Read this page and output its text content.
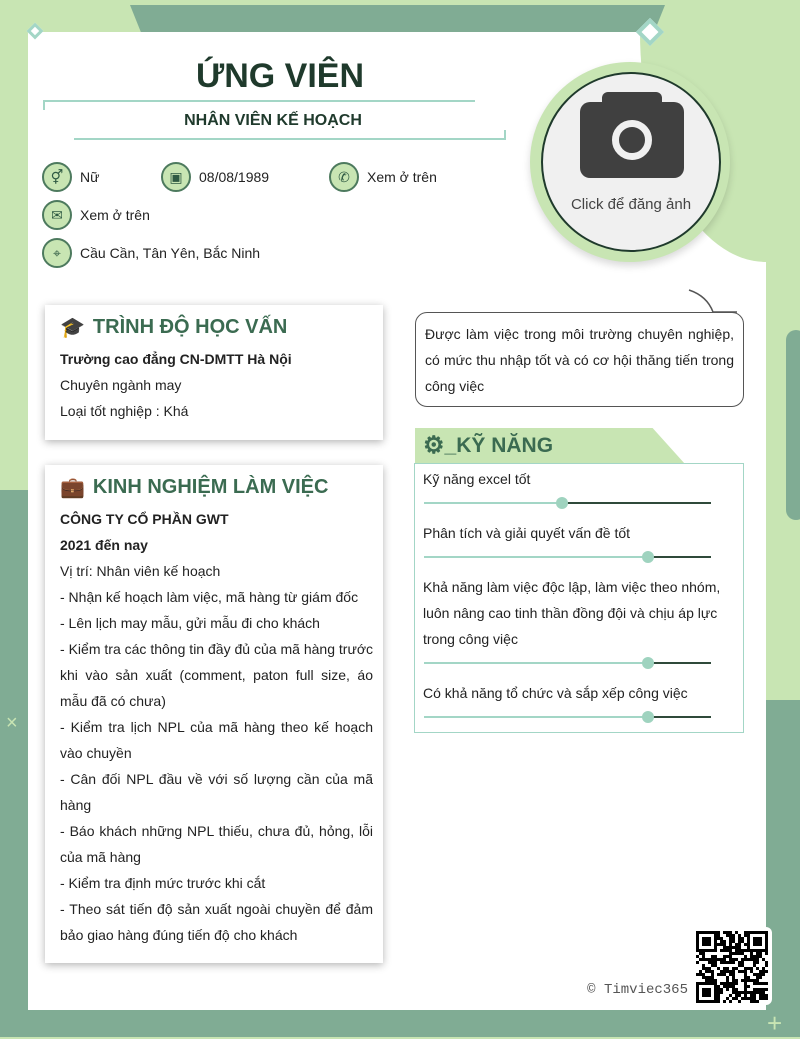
ỨNG VIÊN
NHÂN VIÊN KẾ HOẠCH
⚥	Nữ	▣	08/08/1989	✆	Xem ở trên
✉	Xem ở trên
⌖	Cầu Cần, Tân Yên, Bắc Ninh
Click để đăng ảnh
🎓 TRÌNH ĐỘ HỌC VẤN
Trường cao đẳng CN-DMTT Hà Nội
Chuyên ngành may
Loại tốt nghiệp : Khá
💼 KINH NGHIỆM LÀM VIỆC
CÔNG TY CỔ PHẦN GWT
2021 đến nay
Vị trí: Nhân viên kế hoạch
- Nhận kế hoạch làm việc, mã hàng từ giám đốc
- Lên lịch may mẫu, gửi mẫu đi cho khách
- Kiểm tra các thông tin đầy đủ của mã hàng trước khi vào sản xuất (comment, paton full size, áo mẫu đã có chưa)
- Kiểm tra lịch NPL của mã hàng theo kế hoạch vào chuyền
- Cân đối NPL đầu về với số lượng cần của mã hàng
- Báo khách những NPL thiếu, chưa đủ, hỏng, lỗi của mã hàng
- Kiểm tra định mức trước khi cắt
- Theo sát tiến độ sản xuất ngoài chuyền để đảm bảo giao hàng đúng tiến độ cho khách
Được làm việc trong môi trường chuyên nghiệp, có mức thu nhập tốt và có cơ hội thăng tiến trong công việc
⚙ _KỸ NĂNG
Kỹ năng excel tốt
Phân tích và giải quyết vấn đề tốt
Khả năng làm việc độc lập, làm việc theo nhóm, luôn nâng cao tinh thần đồng đội và chịu áp lực trong công việc
Có khả năng tổ chức và sắp xếp công việc
© Timviec365
+
×
